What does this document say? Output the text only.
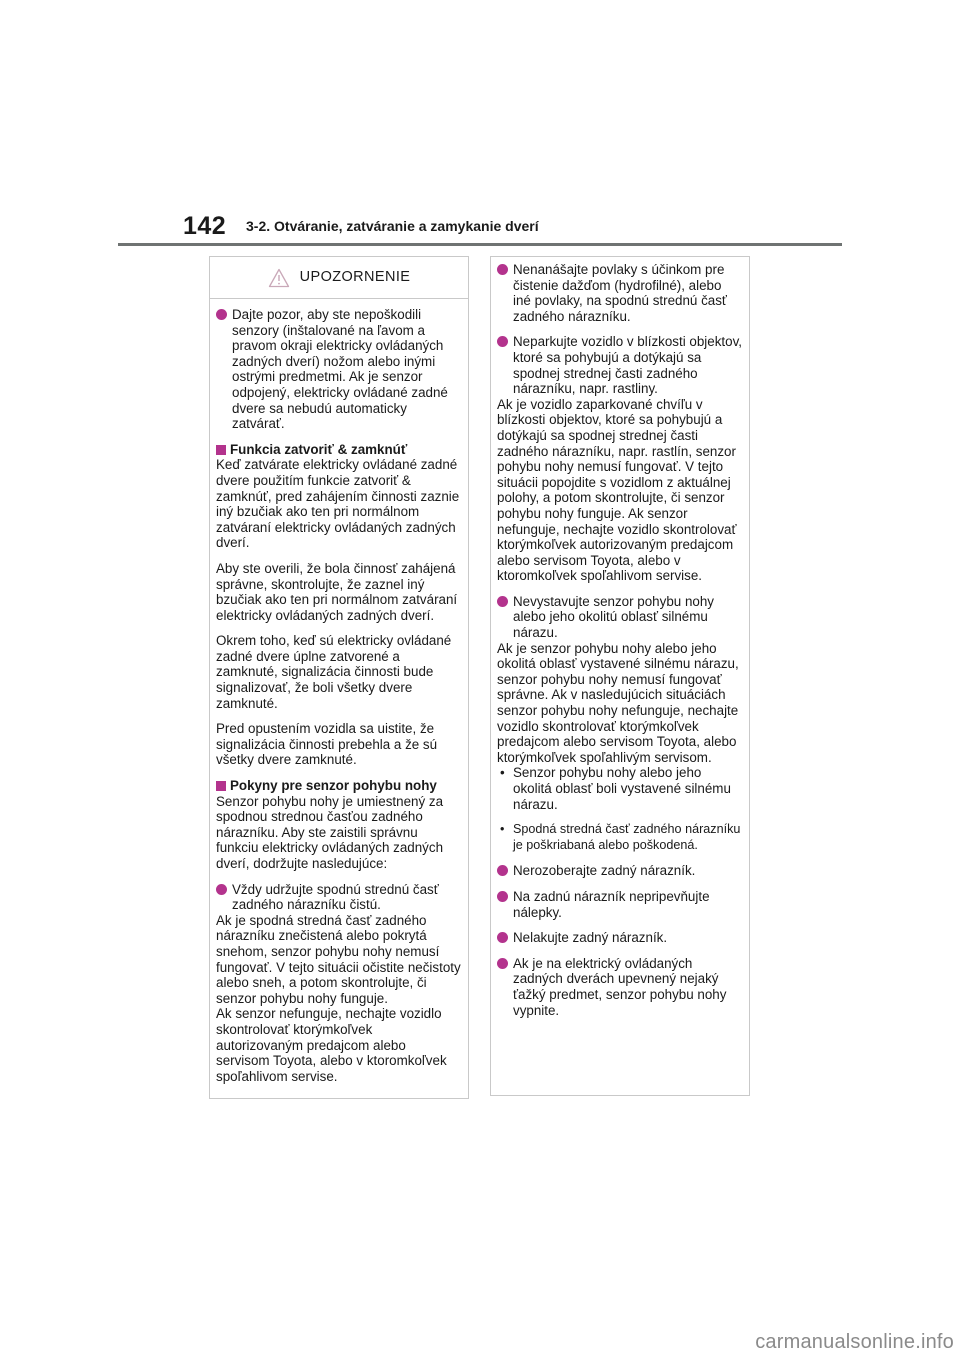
142 3-2. Otváranie, zatváranie a zamykanie dverí
UPOZORNENIE
Dajte pozor, aby ste nepoškodili senzory (inštalované na ľavom a pravom okraji elektricky ovládaných zadných dverí) nožom alebo inými ostrými predmetmi. Ak je senzor odpojený, elektricky ovládané zadné dvere sa nebudú automaticky zatvárať.
Funkcia zatvoriť & zamknúť

Keď zatvárate elektricky ovládané zadné dvere použitím funkcie zatvoriť & zamknúť, pred zahájením činnosti zaznie iný bzučiak ako ten pri normálnom zatváraní elektricky ovládaných zadných dverí.

Aby ste overili, že bola činnosť zahájená správne, skontrolujte, že zaznel iný bzučiak ako ten pri normálnom zatváraní elektricky ovládaných zadných dverí.

Okrem toho, keď sú elektricky ovládané zadné dvere úplne zatvorené a zamknuté, signalizácia činnosti bude signalizovať, že boli všetky dvere zamknuté.

Pred opustením vozidla sa uistite, že signalizácia činnosti prebehla a že sú všetky dvere zamknuté.

Pokyny pre senzor pohybu nohy

Senzor pohybu nohy je umiestnený za spodnou strednou časťou zadného nárazníku. Aby ste zaistili správnu funkciu elektricky ovládaných zadných dverí, dodržujte nasledujúce:

Vždy udržujte spodnú strednú časť zadného nárazníku čistú.

Ak je spodná stredná časť zadného nárazníku znečistená alebo pokrytá snehom, senzor pohybu nohy nemusí fungovať. V tejto situácii očistite nečistoty alebo sneh, a potom skontrolujte, či senzor pohybu nohy funguje.

Ak senzor nefunguje, nechajte vozidlo skontrolovať ktorýmkoľvek autorizovaným predajcom alebo servisom Toyota, alebo v ktoromkoľvek spoľahlivom servise.

Nenanášajte povlaky s účinkom pre čistenie dažďom (hydrofilné), alebo iné povlaky, na spodnú strednú časť zadného nárazníku.
Neparkujte vozidlo v blízkosti objektov, ktoré sa pohybujú a dotýkajú sa spodnej strednej časti zadného nárazníku, napr. rastliny.

Ak je vozidlo zaparkované chvíľu v blízkosti objektov, ktoré sa pohybujú a dotýkajú sa spodnej strednej časti zadného nárazníku, napr. rastlín, senzor pohybu nohy nemusí fungovať. V tejto situácii popojdite s vozidlom z aktuálnej polohy, a potom skontrolujte, či senzor pohybu nohy funguje. Ak senzor nefunguje, nechajte vozidlo skontrolovať ktorýmkoľvek autorizovaným predajcom alebo servisom Toyota, alebo v ktoromkoľvek spoľahlivom servise.

Nevystavujte senzor pohybu nohy alebo jeho okolitú oblasť silnému nárazu.

Ak je senzor pohybu nohy alebo jeho okolitá oblasť vystavené silnému nárazu, senzor pohybu nohy nemusí fungovať správne. Ak v nasledujúcich situáciách senzor pohybu nohy nefunguje, nechajte vozidlo skontrolovať ktorýmkoľvek predajcom alebo servisom Toyota, alebo ktorýmkoľvek spoľahlivým servisom.

• Senzor pohybu nohy alebo jeho okolitá oblasť boli vystavené silnému nárazu.
• Spodná stredná časť zadného nárazníku je poškriabaná alebo poškodená.
Nerozoberajte zadný nárazník.
Na zadnú nárazník nepripevňujte nálepky.
Nelakujte zadný nárazník.
Ak je na elektrický ovládaných zadných dverách upevnený nejaký ťažký predmet, senzor pohybu nohy vypnite.
carmanualsonline.info
